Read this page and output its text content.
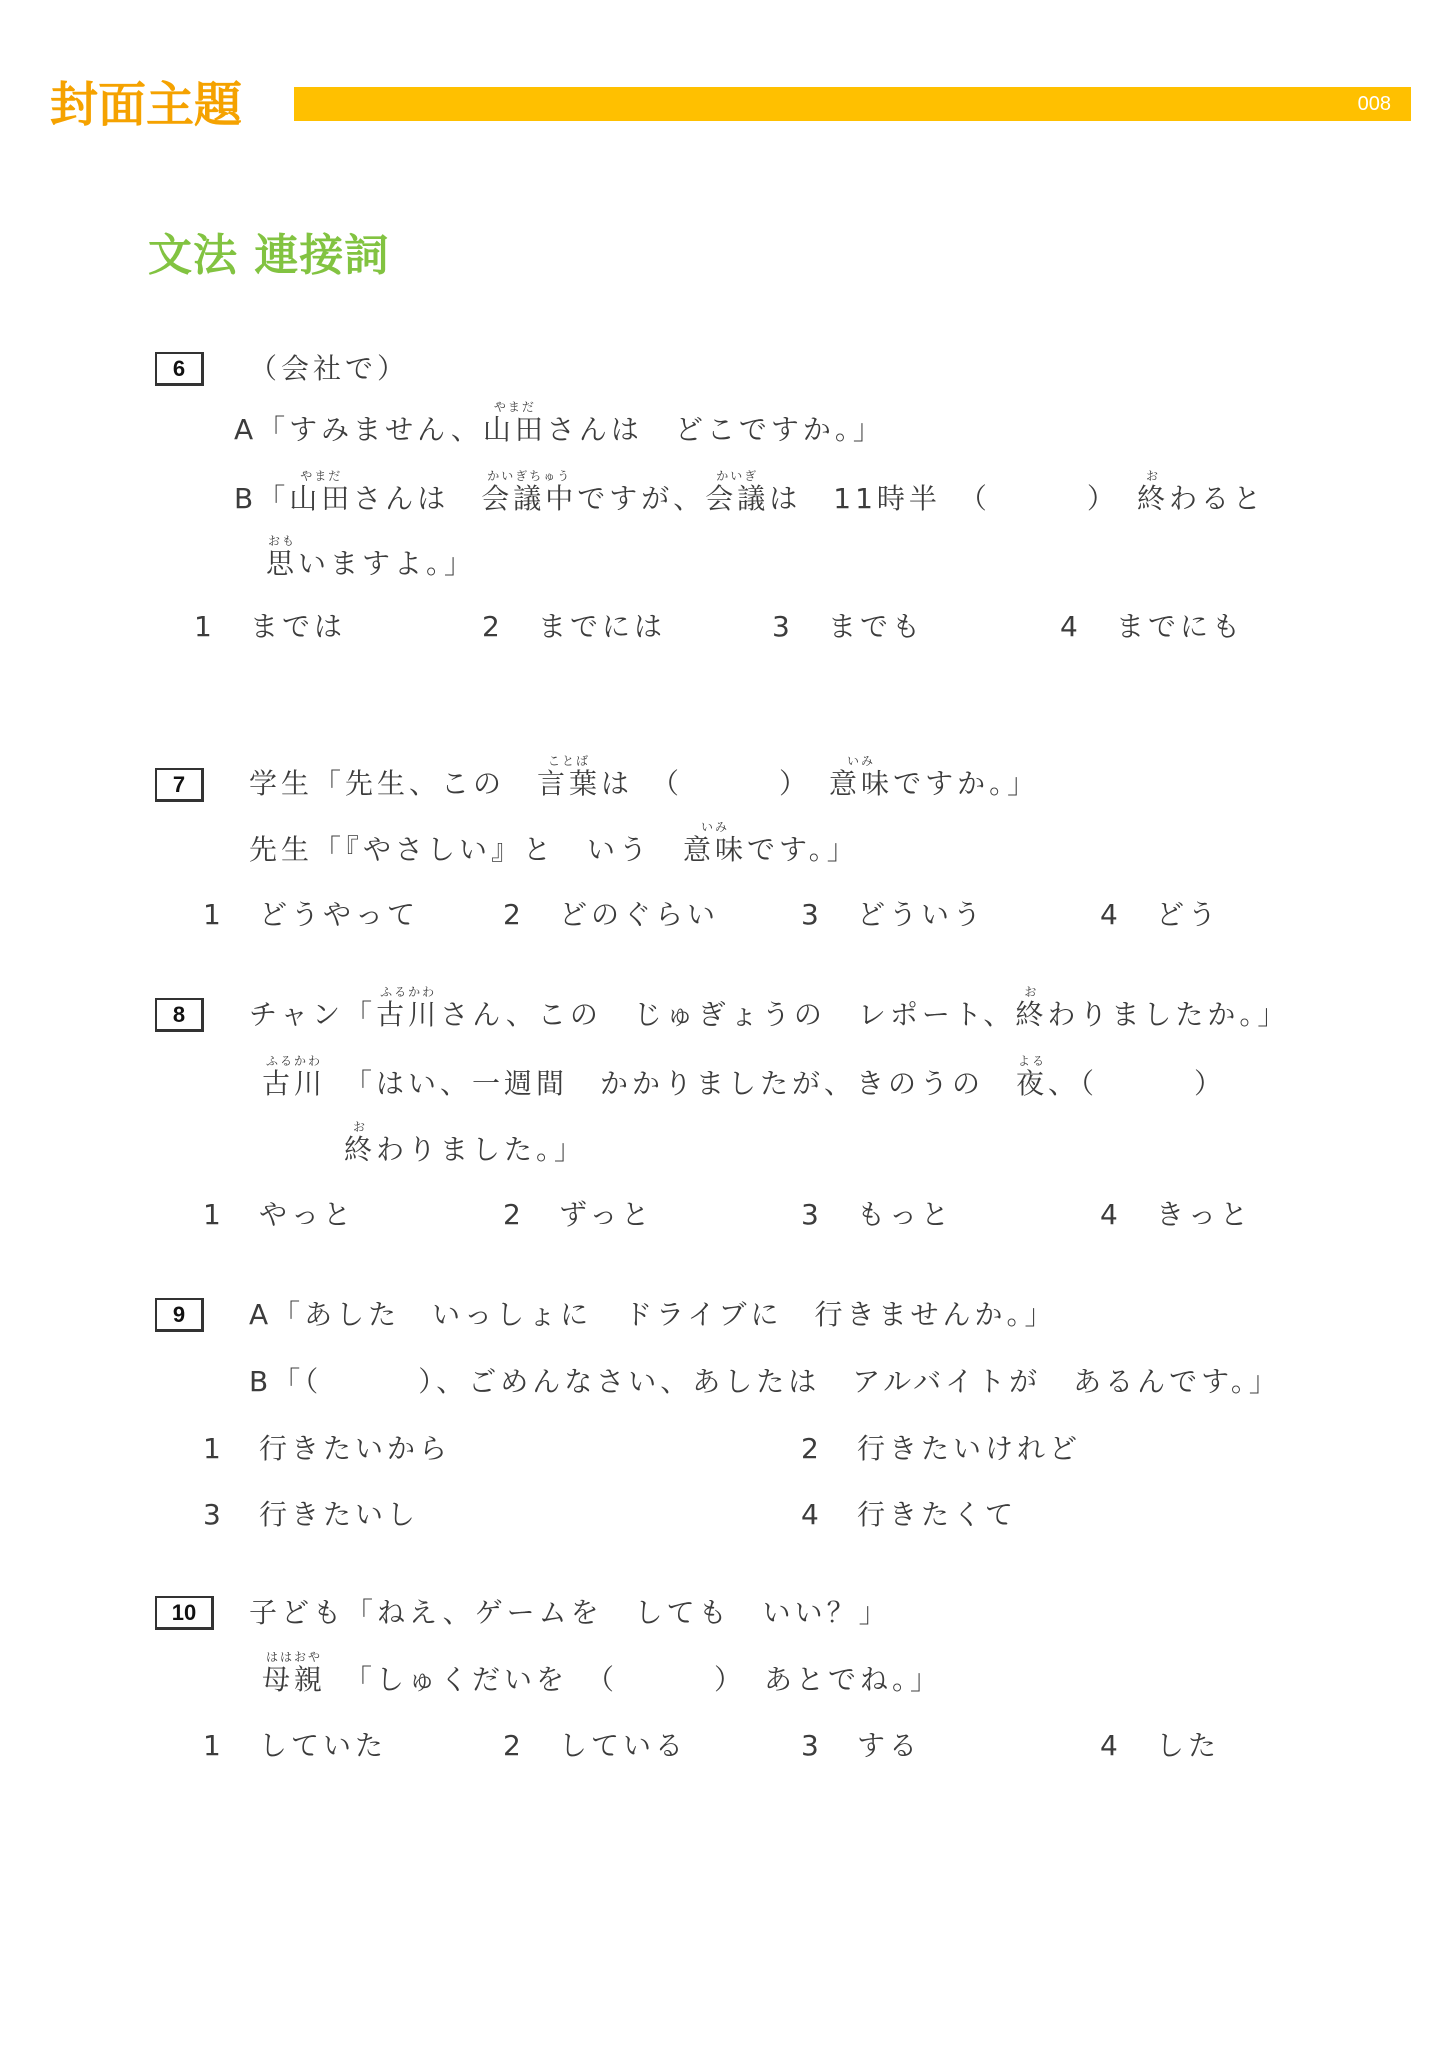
封面主題	008
文法 連接詞
6	（会社で）
A「すみません、 山田
やまだ
さんは　どこですか。」
B「 山田
やまだ
さんは　 会議中
かいぎちゅう
ですが、 会議
かいぎ
は　11時半　（　　　）　 終
お
わると
思
おも
いますよ。」
1	までは	2	までには	3	までも	4	までにも
7	学生「先生、この　 言葉
ことば
は　（　　　）　 意味
いみ
ですか。」
先生「『やさしい』と　いう　 意味
いみ
です。」
1	どうやって	2	どのぐらい	3	どういう	4	どう
8	チャン「 古川
ふるかわ
さん、この　じゅぎょうの　レポート、 終
お
わりましたか。」
古川
ふるかわ
　「はい、一週間　かかりましたが、きのうの　 夜
よる
、（　　　）
終
お
わりました。」
1	やっと	2	ずっと	3	もっと	4	きっと
9	A「あした　いっしょに　ドライブに　行きませんか。」
B「（　　　）、ごめんなさい、あしたは　アルバイトが　あるんです。」
1	行きたいから	2	行きたいけれど
3	行きたいし	4	行きたくて
10	子ども「ねえ、ゲームを　しても　いい？」
母親
ははおや
　「しゅくだいを　（　　　）　あとでね。」
1	していた	2	している	3	する	4	した
